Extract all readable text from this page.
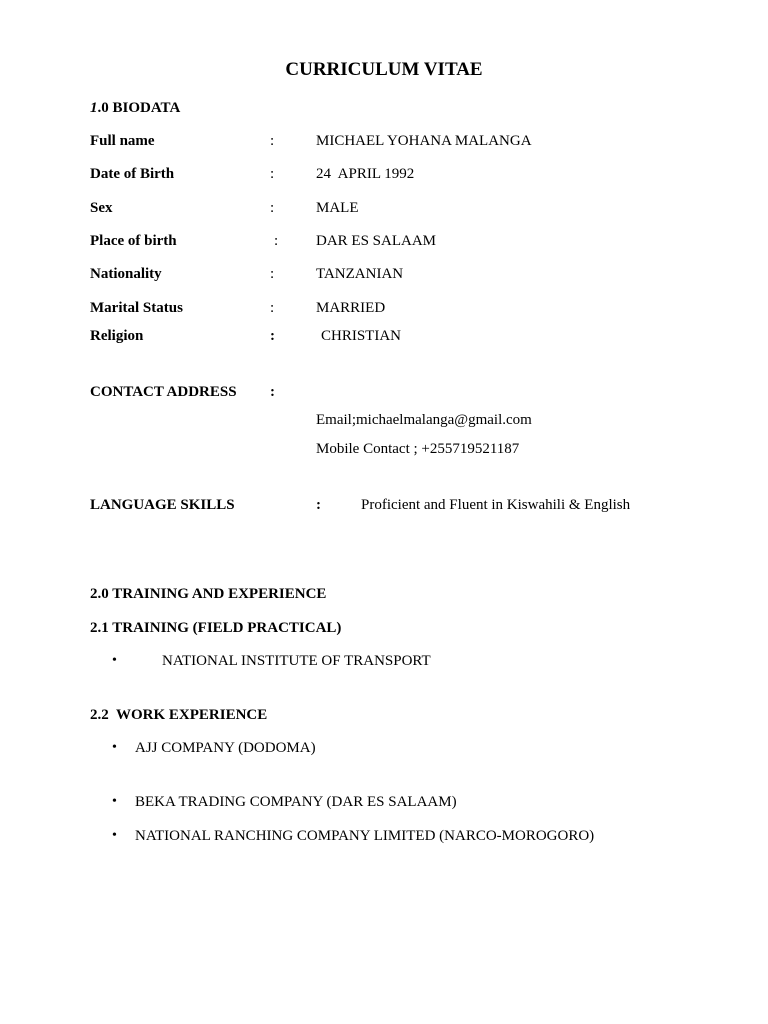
CURRICULUM VITAE
1.0 BIODATA
Full name	:	MICHAEL YOHANA MALANGA
Date of Birth	:	24  APRIL 1992
Sex	:	MALE
Place of birth	:	DAR ES SALAAM
Nationality	:	TANZANIAN
Marital Status	:	MARRIED
Religion	:	CHRISTIAN
CONTACT ADDRESS :
Email;michaelmalanga@gmail.com
Mobile Contact ; +255719521187
LANGUAGE SKILLS	:	Proficient and Fluent in Kiswahili & English
2.0 TRAINING AND EXPERIENCE
2.1 TRAINING (FIELD PRACTICAL)
•	NATIONAL INSTITUTE OF TRANSPORT
2.2  WORK EXPERIENCE
• AJJ COMPANY (DODOMA)
• BEKA TRADING COMPANY (DAR ES SALAAM)
• NATIONAL RANCHING COMPANY LIMITED (NARCO-MOROGORO)
